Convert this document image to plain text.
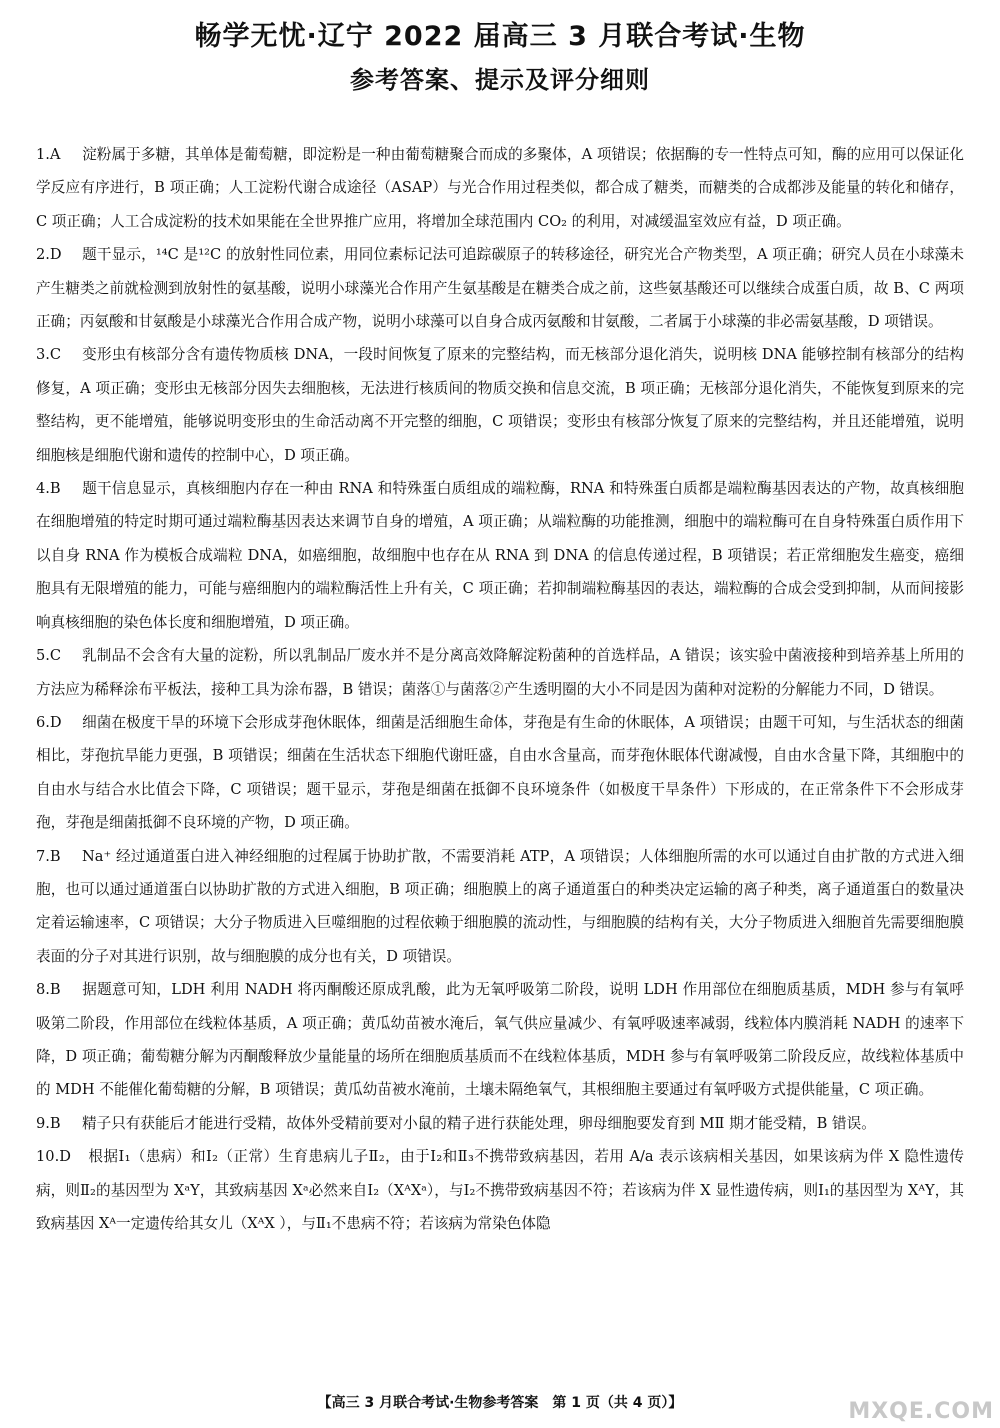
畅学无忧·辽宁 2022 届高三 3 月联合考试·生物
参考答案、提示及评分细则

1.A 淀粉属于多糖，其单体是葡萄糖，即淀粉是一种由葡萄糖聚合而成的多聚体，A 项错误；依据酶的专一性特点可知，酶的应用可以保证化学反应有序进行，B 项正确；人工淀粉代谢合成途径（ASAP）与光合作用过程类似，都合成了糖类，而糖类的合成都涉及能量的转化和储存，C 项正确；人工合成淀粉的技术如果能在全世界推广应用，将增加全球范围内 CO₂ 的利用，对减缓温室效应有益，D 项正确。

2.D 题干显示，¹⁴C 是¹²C 的放射性同位素，用同位素标记法可追踪碳原子的转移途径，研究光合产物类型，A 项正确；研究人员在小球藻未产生糖类之前就检测到放射性的氨基酸，说明小球藻光合作用产生氨基酸是在糖类合成之前，这些氨基酸还可以继续合成蛋白质，故 B、C 两项正确；丙氨酸和甘氨酸是小球藻光合作用合成产物，说明小球藻可以自身合成丙氨酸和甘氨酸，二者属于小球藻的非必需氨基酸，D 项错误。

3.C 变形虫有核部分含有遗传物质核 DNA，一段时间恢复了原来的完整结构，而无核部分退化消失，说明核 DNA 能够控制有核部分的结构修复，A 项正确；变形虫无核部分因失去细胞核，无法进行核质间的物质交换和信息交流，B 项正确；无核部分退化消失，不能恢复到原来的完整结构，更不能增殖，能够说明变形虫的生命活动离不开完整的细胞，C 项错误；变形虫有核部分恢复了原来的完整结构，并且还能增殖，说明细胞核是细胞代谢和遗传的控制中心，D 项正确。

4.B 题干信息显示，真核细胞内存在一种由 RNA 和特殊蛋白质组成的端粒酶，RNA 和特殊蛋白质都是端粒酶基因表达的产物，故真核细胞在细胞增殖的特定时期可通过端粒酶基因表达来调节自身的增殖，A 项正确；从端粒酶的功能推测，细胞中的端粒酶可在自身特殊蛋白质作用下以自身 RNA 作为模板合成端粒 DNA，如癌细胞，故细胞中也存在从 RNA 到 DNA 的信息传递过程，B 项错误；若正常细胞发生癌变，癌细胞具有无限增殖的能力，可能与癌细胞内的端粒酶活性上升有关，C 项正确；若抑制端粒酶基因的表达，端粒酶的合成会受到抑制，从而间接影响真核细胞的染色体长度和细胞增殖，D 项正确。

5.C 乳制品不会含有大量的淀粉，所以乳制品厂废水并不是分离高效降解淀粉菌种的首选样品，A 错误；该实验中菌液接种到培养基上所用的方法应为稀释涂布平板法，接种工具为涂布器，B 错误；菌落①与菌落②产生透明圈的大小不同是因为菌种对淀粉的分解能力不同，D 错误。

6.D 细菌在极度干旱的环境下会形成芽孢休眠体，细菌是活细胞生命体，芽孢是有生命的休眠体，A 项错误；由题干可知，与生活状态的细菌相比，芽孢抗旱能力更强，B 项错误；细菌在生活状态下细胞代谢旺盛，自由水含量高，而芽孢休眠体代谢减慢，自由水含量下降，其细胞中的自由水与结合水比值会下降，C 项错误；题干显示，芽孢是细菌在抵御不良环境条件（如极度干旱条件）下形成的，在正常条件下不会形成芽孢，芽孢是细菌抵御不良环境的产物，D 项正确。

7.B Na⁺ 经过通道蛋白进入神经细胞的过程属于协助扩散，不需要消耗 ATP，A 项错误；人体细胞所需的水可以通过自由扩散的方式进入细胞，也可以通过通道蛋白以协助扩散的方式进入细胞，B 项正确；细胞膜上的离子通道蛋白的种类决定运输的离子种类，离子通道蛋白的数量决定着运输速率，C 项错误；大分子物质进入巨噬细胞的过程依赖于细胞膜的流动性，与细胞膜的结构有关，大分子物质进入细胞首先需要细胞膜表面的分子对其进行识别，故与细胞膜的成分也有关，D 项错误。

8.B 据题意可知，LDH 利用 NADH 将丙酮酸还原成乳酸，此为无氧呼吸第二阶段，说明 LDH 作用部位在细胞质基质，MDH 参与有氧呼吸第二阶段，作用部位在线粒体基质，A 项正确；黄瓜幼苗被水淹后，氧气供应量减少、有氧呼吸速率减弱，线粒体内膜消耗 NADH 的速率下降，D 项正确；葡萄糖分解为丙酮酸释放少量能量的场所在细胞质基质而不在线粒体基质，MDH 参与有氧呼吸第二阶段反应，故线粒体基质中的 MDH 不能催化葡萄糖的分解，B 项错误；黄瓜幼苗被水淹前，土壤未隔绝氧气，其根细胞主要通过有氧呼吸方式提供能量，C 项正确。

9.B 精子只有获能后才能进行受精，故体外受精前要对小鼠的精子进行获能处理，卵母细胞要发育到 MⅡ 期才能受精，B 错误。

10.D 根据Ⅰ₁（患病）和Ⅰ₂（正常）生育患病儿子Ⅱ₂，由于Ⅰ₂和Ⅱ₃不携带致病基因，若用 A/a 表示该病相关基因，如果该病为伴 X 隐性遗传病，则Ⅱ₂的基因型为 XᵃY，其致病基因 Xᵃ必然来自Ⅰ₂（XᴬXᵃ），与Ⅰ₂不携带致病基因不符；若该病为伴 X 显性遗传病，则Ⅰ₁的基因型为 XᴬY，其致病基因 Xᴬ一定遗传给其女儿（XᴬX ），与Ⅱ₁不患病不符；若该病为常染色体隐

【高三 3 月联合考试·生物参考答案　第 1 页（共 4 页）】	MXQE.COM
